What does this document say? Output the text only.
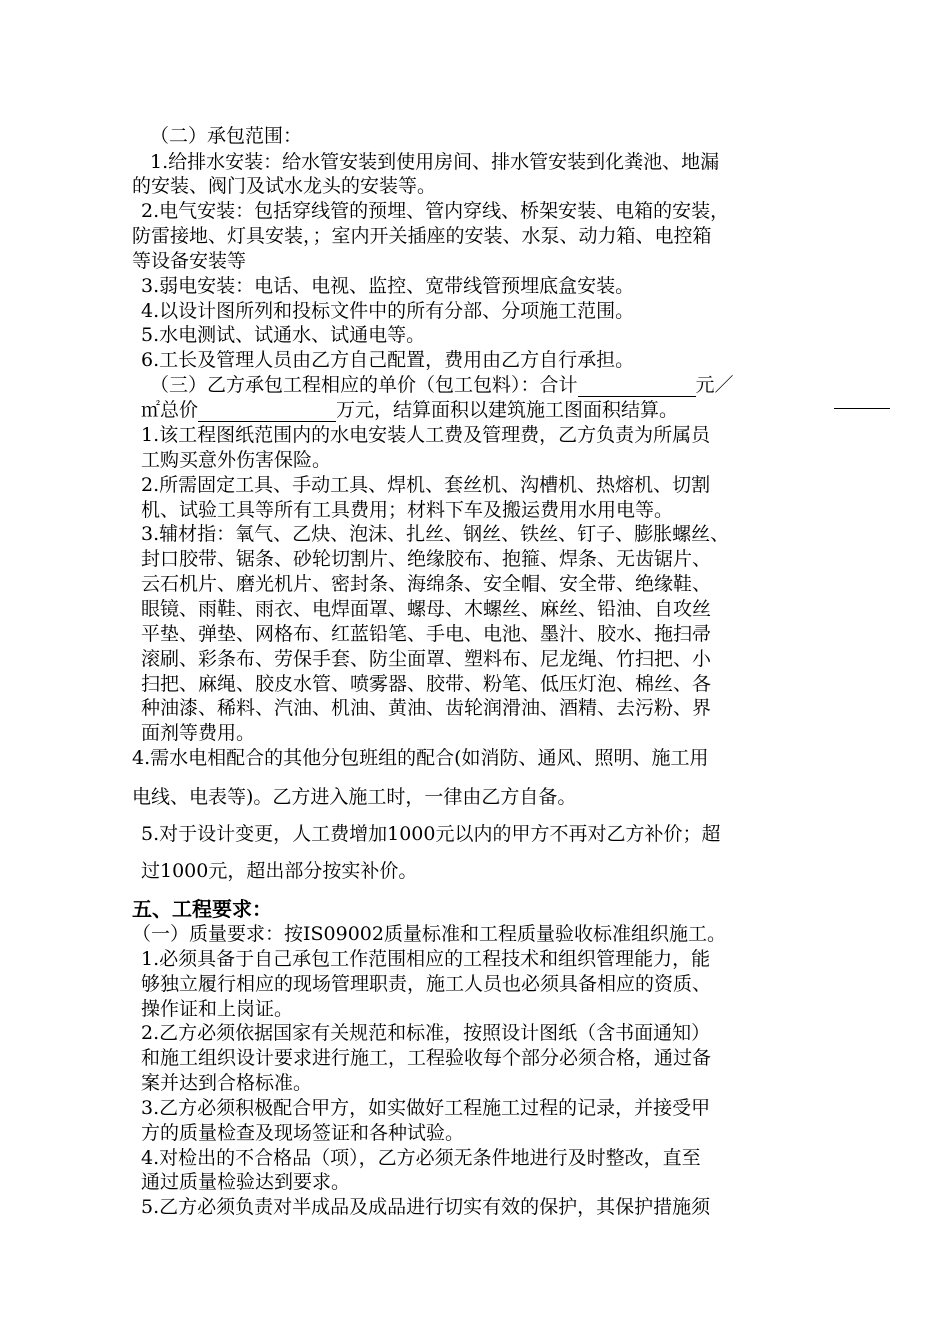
（二）承包范围：
1.给排水安装：给水管安装到使用房间、排水管安装到化粪池、地漏
的安装、阀门及试水龙头的安装等。
2.电气安装：包括穿线管的预埋、管内穿线、桥架安装、电箱的安装，
防雷接地、灯具安装，；室内开关插座的安装、水泵、动力箱、电控箱
等设备安装等
3.弱电安装：电话、电视、监控、宽带线管预埋底盒安装。
4.以设计图所列和投标文件中的所有分部、分项施工范围。
5.水电测试、试通水、试通电等。
6.工长及管理人员由乙方自己配置，费用由乙方自行承担。
（三）乙方承包工程相应的单价（包工包料）：合计	元／
㎡总价	万元，结算面积以建筑施工图面积结算。
1.该工程图纸范围内的水电安装人工费及管理费，乙方负责为所属员
工购买意外伤害保险。
2.所需固定工具、手动工具、焊机、套丝机、沟槽机、热熔机、切割
机、试验工具等所有工具费用；材料下车及搬运费用水用电等。
3.辅材指：氧气、乙炔、泡沫、扎丝、钢丝、铁丝、钉子、膨胀螺丝、
封口胶带、锯条、砂轮切割片、绝缘胶布、抱箍、焊条、无齿锯片、
云石机片、磨光机片、密封条、海绵条、安全帽、安全带、绝缘鞋、
眼镜、雨鞋、雨衣、电焊面罩、螺母、木螺丝、麻丝、铅油、自攻丝
平垫、弹垫、网格布、红蓝铅笔、手电、电池、墨汁、胶水、拖扫帚
滚刷、彩条布、劳保手套、防尘面罩、塑料布、尼龙绳、竹扫把、小
扫把、麻绳、胶皮水管、喷雾器、胶带、粉笔、低压灯泡、棉丝、各
种油漆、稀料、汽油、机油、黄油、齿轮润滑油、酒精、去污粉、界
面剂等费用。
4.需水电相配合的其他分包班组的配合(如消防、通风、照明、施工用
电线、电表等)。乙方进入施工时，一律由乙方自备。
5.对于设计变更，人工费增加1000元以内的甲方不再对乙方补价；超
过1000元，超出部分按实补价。
五、工程要求：
（一）质量要求：按IS09002质量标准和工程质量验收标准组织施工。
1.必须具备于自己承包工作范围相应的工程技术和组织管理能力，能
够独立履行相应的现场管理职责，施工人员也必须具备相应的资质、
操作证和上岗证。
2.乙方必须依据国家有关规范和标准，按照设计图纸（含书面通知）
和施工组织设计要求进行施工，工程验收每个部分必须合格，通过备
案并达到合格标准。
3.乙方必须积极配合甲方，如实做好工程施工过程的记录，并接受甲
方的质量检查及现场签证和各种试验。
4.对检出的不合格品（项），乙方必须无条件地进行及时整改，直至
通过质量检验达到要求。
5.乙方必须负责对半成品及成品进行切实有效的保护，其保护措施须
